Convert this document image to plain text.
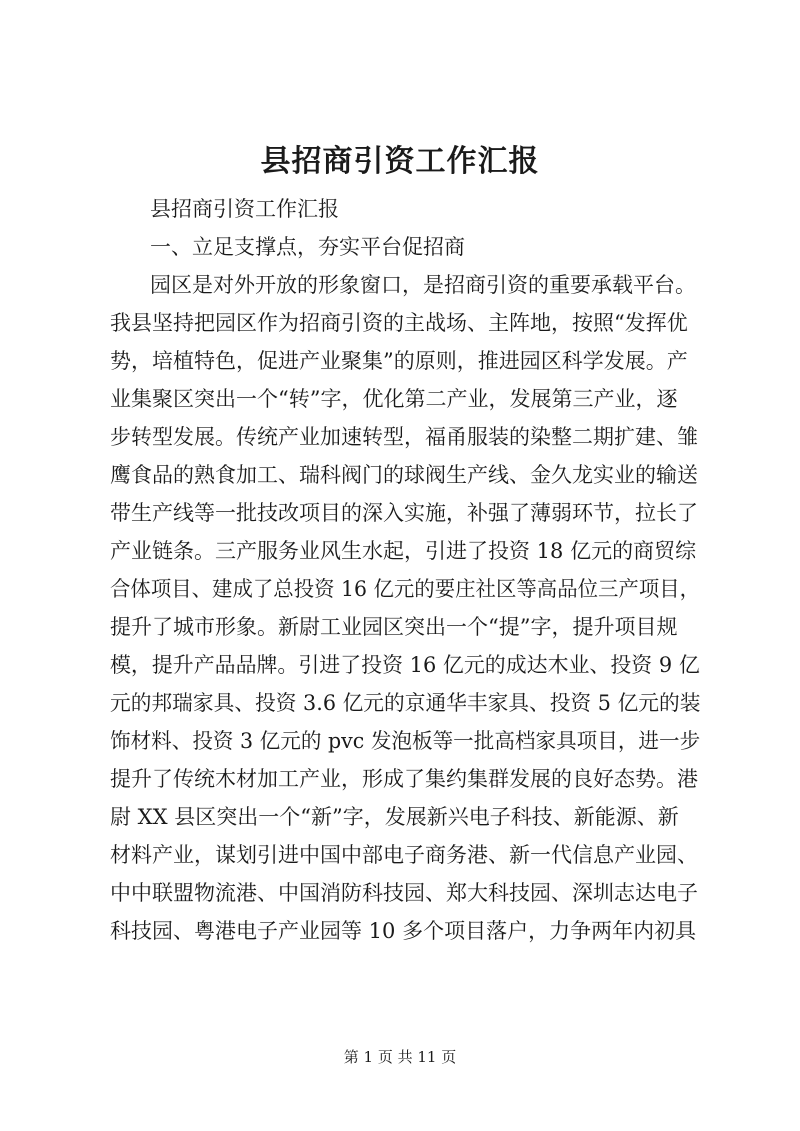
县招商引资工作汇报
县招商引资工作汇报
一、立足支撑点，夯实平台促招商
园区是对外开放的形象窗口，是招商引资的重要承载平台。
我县坚持把园区作为招商引资的主战场、主阵地，按照“发挥优
势，培植特色，促进产业聚集”的原则，推进园区科学发展。产
业集聚区突出一个“转”字，优化第二产业，发展第三产业，逐
步转型发展。传统产业加速转型，福甬服装的染整二期扩建、雏
鹰食品的熟食加工、瑞科阀门的球阀生产线、金久龙实业的输送
带生产线等一批技改项目的深入实施，补强了薄弱环节，拉长了
产业链条。三产服务业风生水起，引进了投资 18 亿元的商贸综
合体项目、建成了总投资 16 亿元的要庄社区等高品位三产项目，
提升了城市形象。新尉工业园区突出一个“提”字，提升项目规
模，提升产品品牌。引进了投资 16 亿元的成达木业、投资 9 亿
元的邦瑞家具、投资 3.6 亿元的京通华丰家具、投资 5 亿元的装
饰材料、投资 3 亿元的 pvc 发泡板等一批高档家具项目，进一步
提升了传统木材加工产业，形成了集约集群发展的良好态势。港
尉 XX 县区突出一个“新”字，发展新兴电子科技、新能源、新
材料产业，谋划引进中国中部电子商务港、新一代信息产业园、
中中联盟物流港、中国消防科技园、郑大科技园、深圳志达电子
科技园、粤港电子产业园等 10 多个项目落户，力争两年内初具
第 1 页 共 11 页
